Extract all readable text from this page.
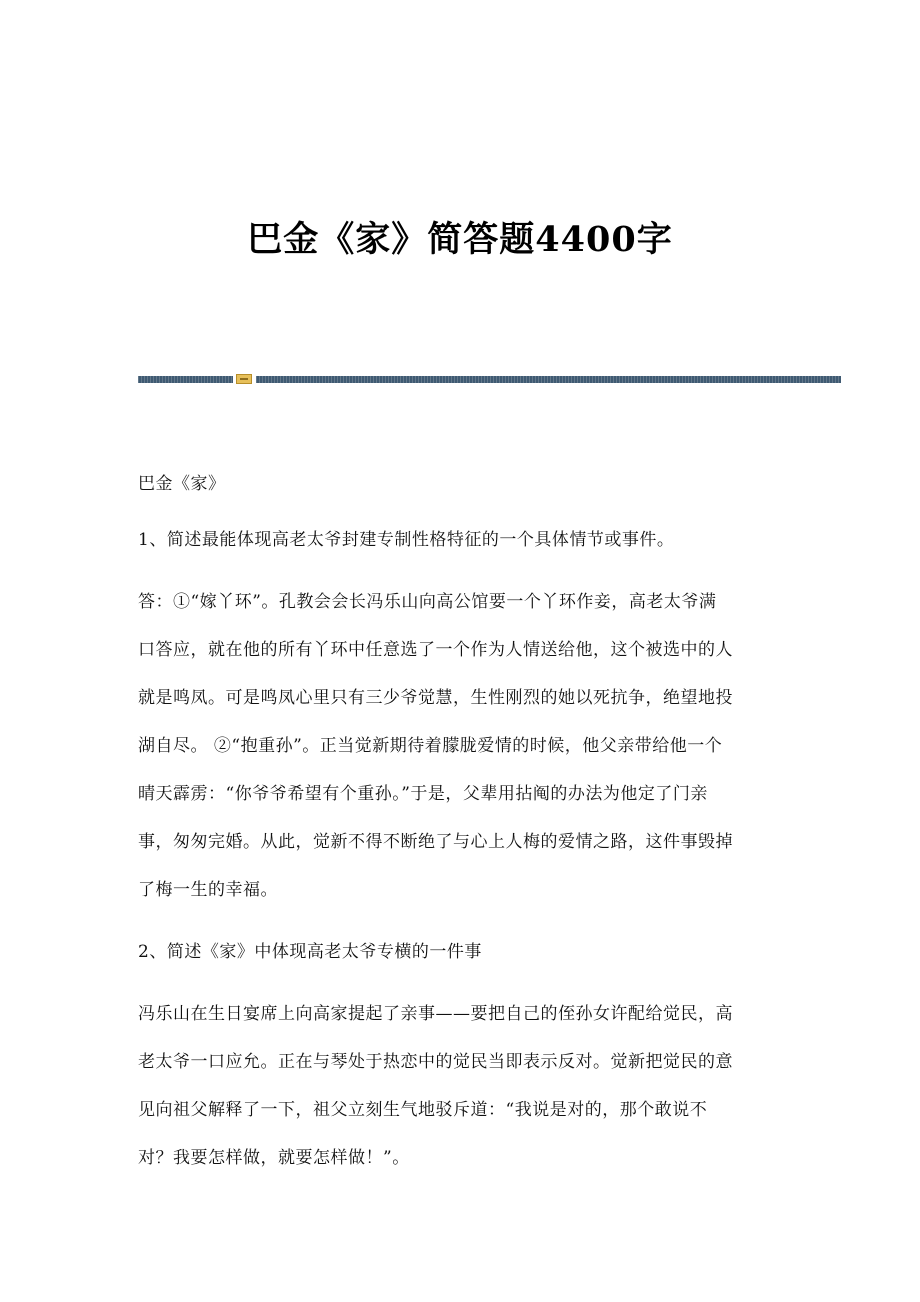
巴金《家》简答题4400字

巴金《家》

1、简述最能体现高老太爷封建专制性格特征的一个具体情节或事件。

答：①“嫁丫环”。孔教会会长冯乐山向高公馆要一个丫环作妾，高老太爷满
口答应，就在他的所有丫环中任意选了一个作为人情送给他，这个被选中的人
就是鸣凤。可是鸣凤心里只有三少爷觉慧，生性刚烈的她以死抗争，绝望地投
湖自尽。 ②“抱重孙”。正当觉新期待着朦胧爱情的时候，他父亲带给他一个
晴天霹雳：“你爷爷希望有个重孙。”于是，父辈用拈阄的办法为他定了门亲
事，匆匆完婚。从此，觉新不得不断绝了与心上人梅的爱情之路，这件事毁掉
了梅一生的幸福。

2、简述《家》中体现高老太爷专横的一件事

冯乐山在生日宴席上向高家提起了亲事——要把自己的侄孙女许配给觉民，高
老太爷一口应允。正在与琴处于热恋中的觉民当即表示反对。觉新把觉民的意
见向祖父解释了一下，祖父立刻生气地驳斥道：“我说是对的，那个敢说不
对？我要怎样做，就要怎样做！”。
